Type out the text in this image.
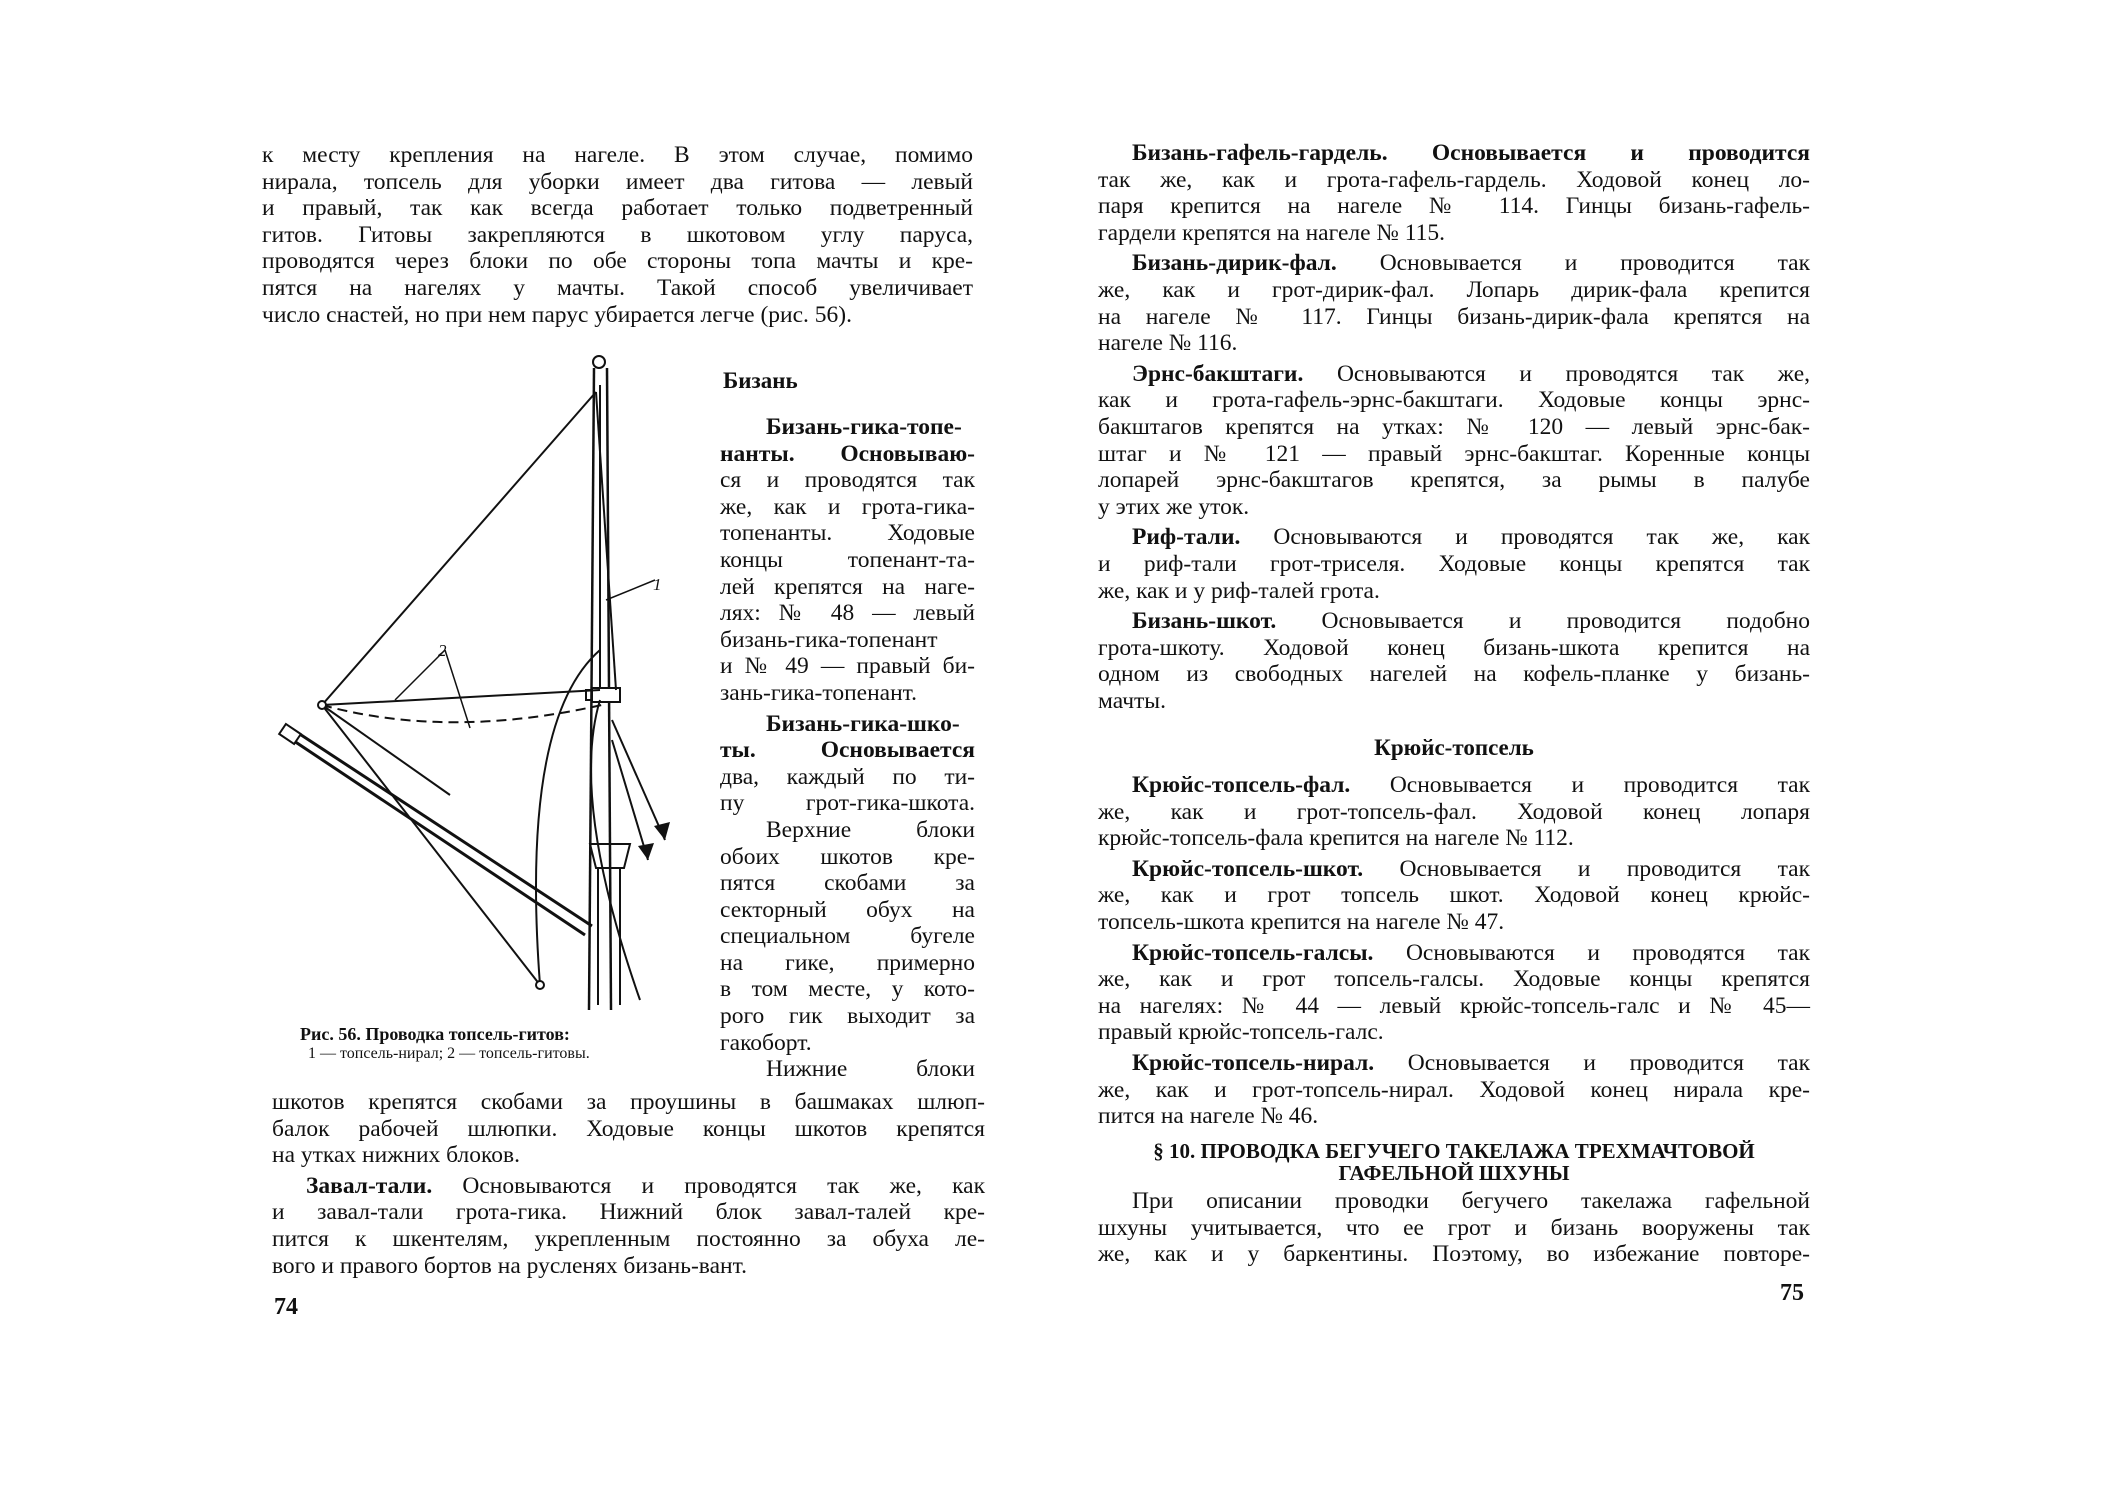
к месту крепления на нагеле. В этом случае, помимо

нирала, топсель для уборки имеет два гитова — левый

и правый, так как всегда работает только подветренный

гитов. Гитовы закрепляются в шкотовом углу паруса,

проводятся через блоки по обе стороны топа мачты и кре-

пятся на нагелях у мачты. Такой способ увеличивает

число снастей, но при нем парус убирается легче (рис. 56).

1
2
Рис. 56. Проводка топсель-гитов:
1 — топсель-нирал; 2 — топсель-гитовы.
Бизань

Бизань-гика-топе-

нанты. Основываю-

ся и проводятся так

же, как и грота-гика-

топенанты. Ходовые

концы топенант-та-

лей крепятся на наге-

лях: № 48 — левый

бизань-гика-топенант

и № 49 — правый би-

зань-гика-топенант.

Бизань-гика-шко-

ты. Основывается

два, каждый по ти-

пу грот-гика-шкота.

Верхние блоки

обоих шкотов кре-

пятся скобами за

секторный обух на

специальном бугеле

на гике, примерно

в том месте, у кото-

рого гик выходит за

гакоборт.

Нижние блоки

шкотов крепятся скобами за проушины в башмаках шлюп-

балок рабочей шлюпки. Ходовые концы шкотов крепятся

на утках нижних блоков.

Завал-тали. Основываются и проводятся так же, как

и завал-тали грота-гика. Нижний блок завал-талей кре-

пится к шкентелям, укрепленным постоянно за обуха ле-

вого и правого бортов на русленях бизань-вант.

74

Бизань-гафель-гардель. Основывается и проводится

так же, как и грота-гафель-гардель. Ходовой конец ло-

паря крепится на нагеле № 114. Гинцы бизань-гафель-

гардели крепятся на нагеле № 115.

Бизань-дирик-фал. Основывается и проводится так

же, как и грот-дирик-фал. Лопарь дирик-фала крепится

на нагеле № 117. Гинцы бизань-дирик-фала крепятся на

нагеле № 116.

Эрнс-бакштаги. Основываются и проводятся так же,

как и грота-гафель-эрнс-бакштаги. Ходовые концы эрнс-

бакштагов крепятся на утках: № 120 — левый эрнс-бак-

штаг и № 121 — правый эрнс-бакштаг. Коренные концы

лопарей эрнс-бакштагов крепятся, за рымы в палубе

у этих же уток.

Риф-тали. Основываются и проводятся так же, как

и риф-тали грот-триселя. Ходовые концы крепятся так

же, как и у риф-талей грота.

Бизань-шкот. Основывается и проводится подобно

грота-шкоту. Ходовой конец бизань-шкота крепится на

одном из свободных нагелей на кофель-планке у бизань-

мачты.

Крюйс-топсель

Крюйс-топсель-фал. Основывается и проводится так

же, как и грот-топсель-фал. Ходовой конец лопаря

крюйс-топсель-фала крепится на нагеле № 112.

Крюйс-топсель-шкот. Основывается и проводится так

же, как и грот топсель шкот. Ходовой конец крюйс-

топсель-шкота крепится на нагеле № 47.

Крюйс-топсель-галсы. Основываются и проводятся так

же, как и грот топсель-галсы. Ходовые концы крепятся

на нагелях: № 44 — левый крюйс-топсель-галс и № 45—

правый крюйс-топсель-галс.

Крюйс-топсель-нирал. Основывается и проводится так

же, как и грот-топсель-нирал. Ходовой конец нирала кре-

пится на нагеле № 46.

§ 10. ПРОВОДКА БЕГУЧЕГО ТАКЕЛАЖА ТРЕХМАЧТОВОЙ
ГАФЕЛЬНОЙ ШХУНЫ

При описании проводки бегучего такелажа гафельной

шхуны учитывается, что ее грот и бизань вооружены так

же, как и у баркентины. Поэтому, во избежание повторе-

75
